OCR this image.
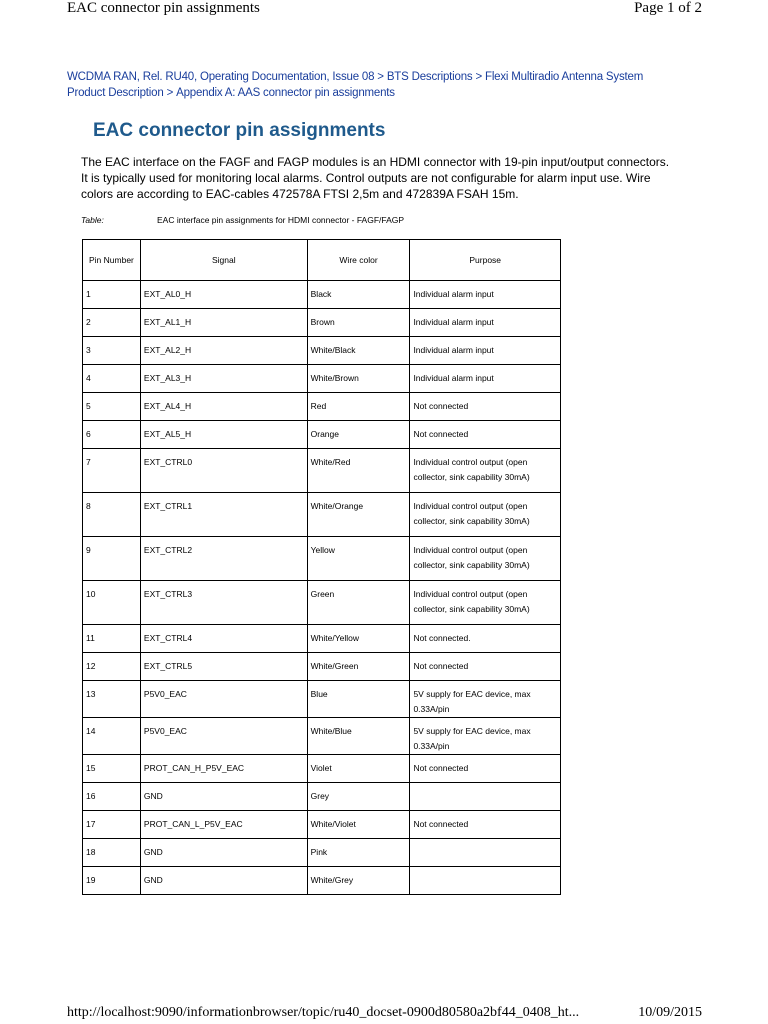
EAC connector pin assignments	Page 1 of 2
WCDMA RAN, Rel. RU40, Operating Documentation, Issue 08 > BTS Descriptions > Flexi Multiradio Antenna System Product Description > Appendix A: AAS connector pin assignments
EAC connector pin assignments

The EAC interface on the FAGF and FAGP modules is an HDMI connector with 19-pin input/output connectors. It is typically used for monitoring local alarms. Control outputs are not configurable for alarm input use. Wire colors are according to EAC-cables 472578A FTSI 2,5m and 472839A FSAH 15m.

Table:	EAC interface pin assignments for HDMI connector - FAGF/FAGP
Pin Number	Signal	Wire color	Purpose
1	EXT_AL0_H	Black	Individual alarm input
2	EXT_AL1_H	Brown	Individual alarm input
3	EXT_AL2_H	White/Black	Individual alarm input
4	EXT_AL3_H	White/Brown	Individual alarm input
5	EXT_AL4_H	Red	Not connected
6	EXT_AL5_H	Orange	Not connected
7	EXT_CTRL0	White/Red	Individual control output (open collector, sink capability 30mA)
8	EXT_CTRL1	White/Orange	Individual control output (open collector, sink capability 30mA)
9	EXT_CTRL2	Yellow	Individual control output (open collector, sink capability 30mA)
10	EXT_CTRL3	Green	Individual control output (open collector, sink capability 30mA)
11	EXT_CTRL4	White/Yellow	Not connected.
12	EXT_CTRL5	White/Green	Not connected
13	P5V0_EAC	Blue	5V supply for EAC device, max 0.33A/pin
14	P5V0_EAC	White/Blue	5V supply for EAC device, max 0.33A/pin
15	PROT_CAN_H_P5V_EAC	Violet	Not connected
16	GND	Grey	
17	PROT_CAN_L_P5V_EAC	White/Violet	Not connected
18	GND	Pink	
19	GND	White/Grey	
http://localhost:9090/informationbrowser/topic/ru40_docset-0900d80580a2bf44_0408_ht...	10/09/2015
